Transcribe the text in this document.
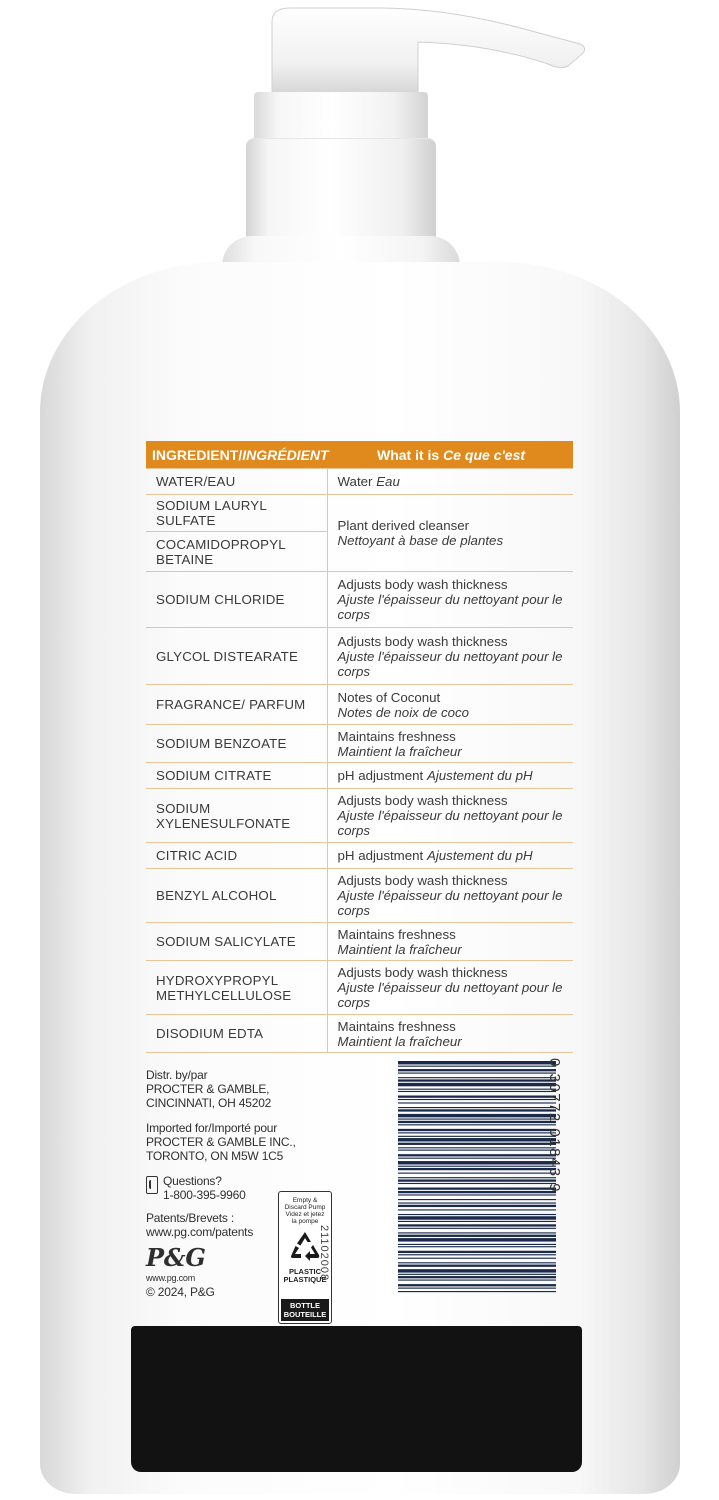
INGREDIENT/INGRÉDIENT	What it is Ce que c'est
WATER/EAU	Water Eau
SODIUM LAURYL SULFATE	Plant derived cleanser
Nettoyant à base de plantes

COCAMIDOPROPYL BETAINE	
SODIUM CHLORIDE	Adjusts body wash thickness
Ajuste l'épaisseur du nettoyant pour le corps

GLYCOL DISTEARATE	Adjusts body wash thickness
Ajuste l'épaisseur du nettoyant pour le corps

FRAGRANCE/ PARFUM	Notes of Coconut
Notes de noix de coco

SODIUM BENZOATE	Maintains freshness
Maintient la fraîcheur

SODIUM CITRATE	pH adjustment Ajustement du pH
SODIUM XYLENESULFONATE	Adjusts body wash thickness
Ajuste l'épaisseur du nettoyant pour le corps

CITRIC ACID	pH adjustment Ajustement du pH
BENZYL ALCOHOL	Adjusts body wash thickness
Ajuste l'épaisseur du nettoyant pour le corps

SODIUM SALICYLATE	Maintains freshness
Maintient la fraîcheur

HYDROXYPROPYL METHYLCELLULOSE	Adjusts body wash thickness
Ajuste l'épaisseur du nettoyant pour le corps

DISODIUM EDTA	Maintains freshness
Maintient la fraîcheur
Distr. by/par
PROCTER & GAMBLE,
CINCINNATI, OH 45202
Imported for/Importé pour
PROCTER & GAMBLE INC.,
TORONTO, ON M5W 1C5
Questions?
1-800-395-9960
Patents/Brevets :
www.pg.com/patents
P&G
www.pg.com
© 2024, P&G
Empty &
Discard Pump
Videz et jetez
la pompe
PLASTIC
PLASTIQUE
BOTTLE
BOUTEILLE
21102008
0 30772 01843 9
